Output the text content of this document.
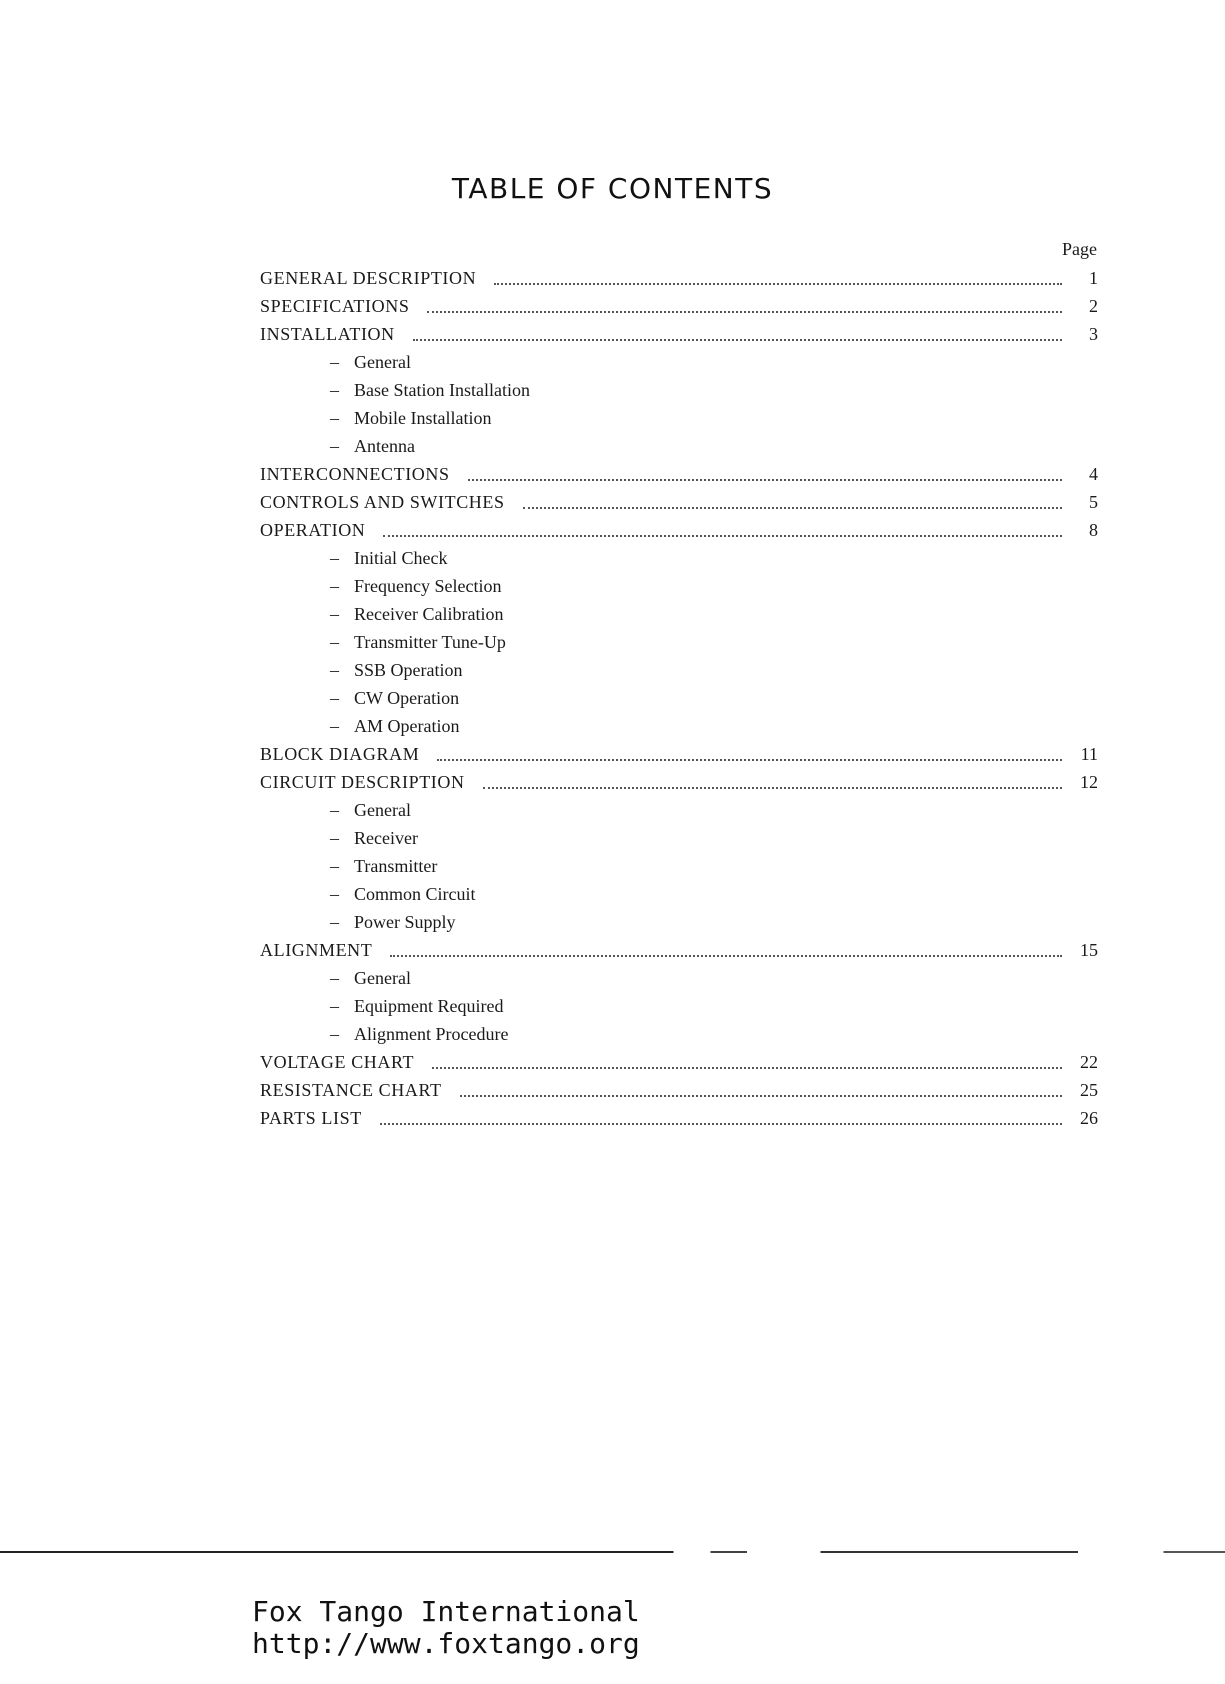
TABLE OF CONTENTS
Page
GENERAL DESCRIPTION	1
SPECIFICATIONS	2
INSTALLATION	3
– General
– Base Station Installation
– Mobile Installation
– Antenna
INTERCONNECTIONS	4
CONTROLS AND SWITCHES	5
OPERATION	8
– Initial Check
– Frequency Selection
– Receiver Calibration
– Transmitter Tune-Up
– SSB Operation
– CW Operation
– AM Operation
BLOCK DIAGRAM	11
CIRCUIT DESCRIPTION	12
– General
– Receiver
– Transmitter
– Common Circuit
– Power Supply
ALIGNMENT	15
– General
– Equipment Required
– Alignment Procedure
VOLTAGE CHART	22
RESISTANCE CHART	25
PARTS LIST	26
Fox Tango International
http://www.foxtango.org
